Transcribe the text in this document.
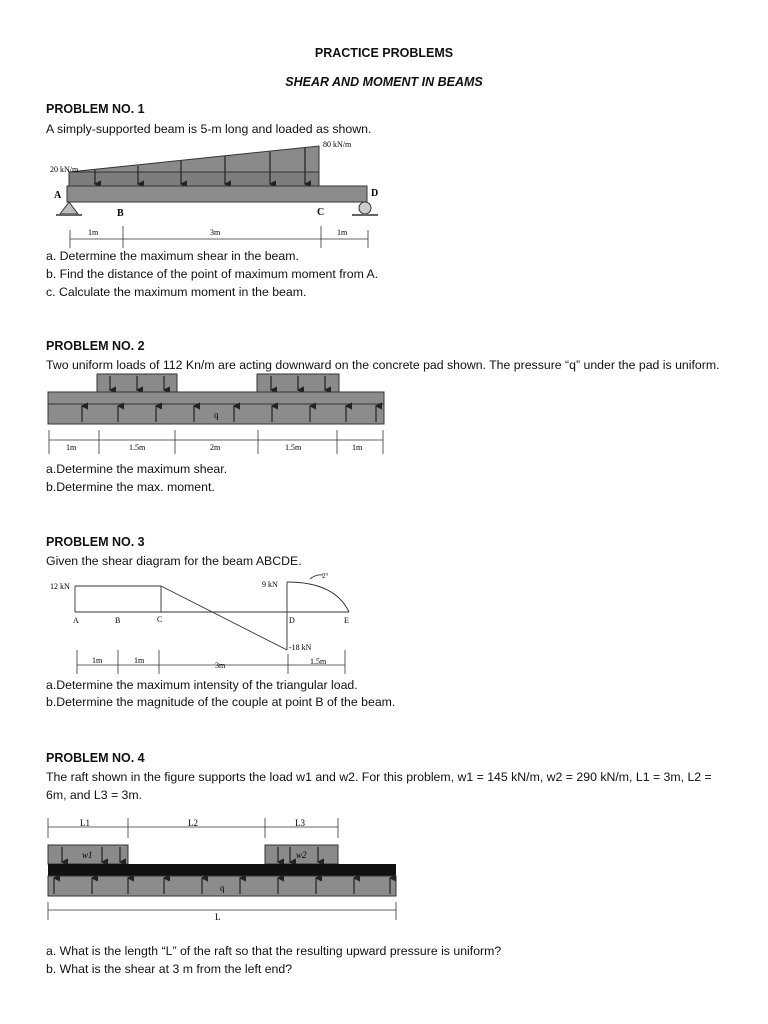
PRACTICE PROBLEMS
SHEAR AND MOMENT IN BEAMS
PROBLEM NO. 1
A simply-supported beam is 5-m long and loaded as shown.
20 kN/m
80 kN/m
A
B	C
D
1m	3m	1m
a. Determine the maximum shear in the beam.
b. Find the distance of the point of maximum moment from A.
c. Calculate the maximum moment in the beam.
PROBLEM NO. 2
Two uniform loads of 112 Kn/m are acting downward on the concrete pad shown. The pressure “q” under the pad is uniform.
q
1m	1.5m	2m	1.5m	1m
a.Determine the maximum shear.
b.Determine the max. moment.
PROBLEM NO. 3
Given the shear diagram for the beam ABCDE.
12 kN	9 kN
-18 kN
2°
A	B	C	D	E
1m	1m
3m	1.5m
a.Determine the maximum intensity of the triangular load.
b.Determine the magnitude of the couple at point B of the beam.
PROBLEM NO. 4
The raft shown in the figure supports the load w1 and w2. For this problem, w1 = 145 kN/m, w2 = 290 kN/m, L1 = 3m, L2 = 6m, and L3 = 3m.
L1	L2	L3
w1	w2
q
L
a. What is the length “L” of the raft so that the resulting upward pressure is uniform?
b. What is the shear at 3 m from the left end?
